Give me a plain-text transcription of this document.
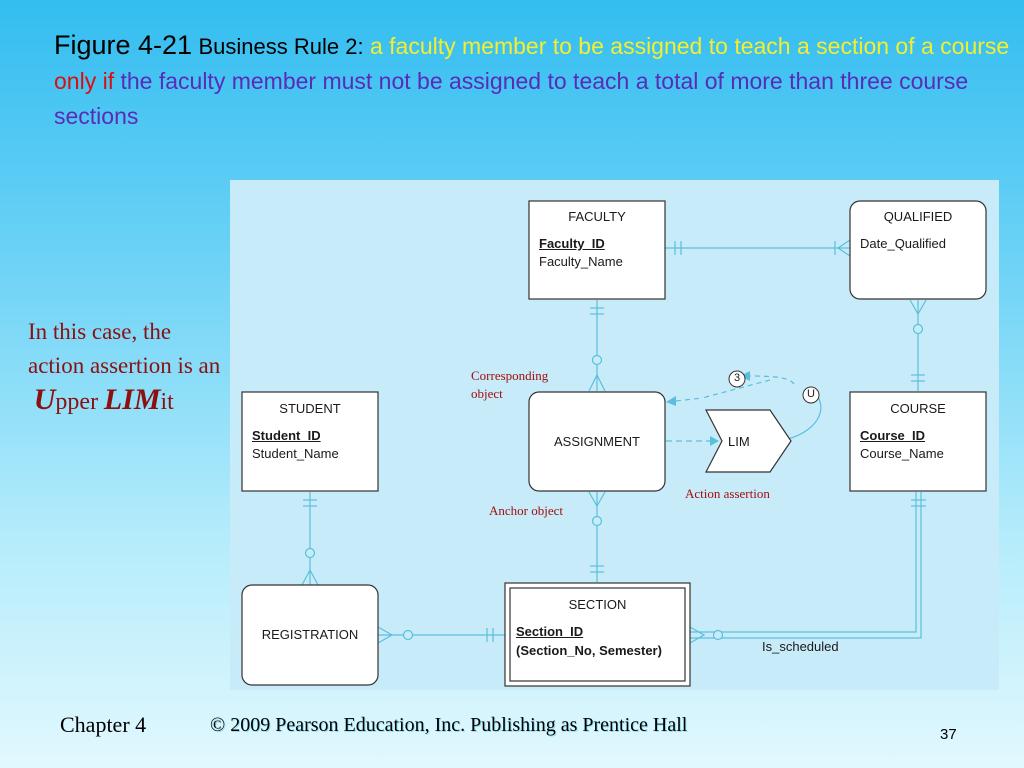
Figure 4-21 Business Rule 2: a faculty member to be assigned to teach a section of a course only if the faculty member must not be assigned to teach a total of more than three course sections
In this case, the action assertion is an
Upper LIMit
FACULTY
Faculty_ID
Faculty_Name
QUALIFIED
Date_Qualified
STUDENT
Student_ID
Student_Name
ASSIGNMENT
COURSE
Course_ID
Course_Name
REGISTRATION
SECTION
Section_ID
(Section_No, Semester)
LIM
3
U
Is_scheduled
Corresponding
object
Anchor object
Action assertion
Chapter 4	© 2009 Pearson Education, Inc. Publishing as Prentice Hall	37
